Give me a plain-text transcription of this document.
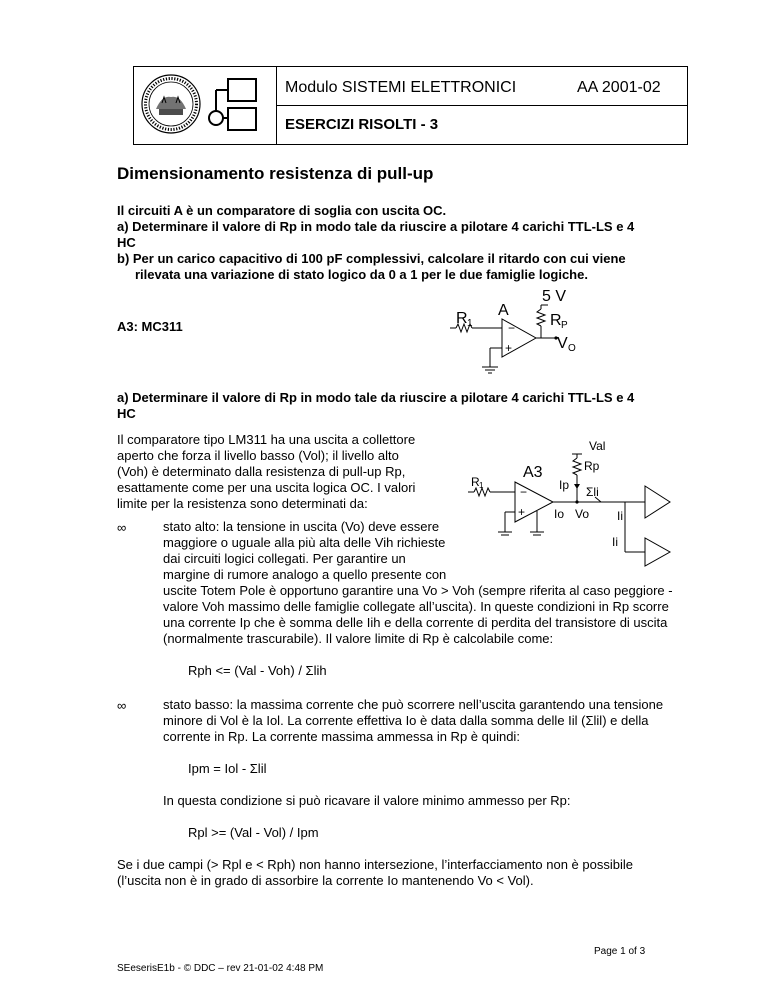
Modulo SISTEMI ELETTRONICI	AA 2001-02
ESERCIZI RISOLTI - 3
Dimensionamento resistenza di pull-up
Il circuiti A è un comparatore di soglia con uscita OC.
a) Determinare il valore di Rp in modo tale da riuscire a pilotare 4 carichi TTL-LS e 4
HC
b) Per un carico capacitivo di 100 pF complessivi, calcolare il ritardo con cui viene
rilevata una variazione di stato logico da 0 a 1 per le due famiglie logiche.
A3: MC311	−
+
5 V
R 1
A
R P
V O
a) Determinare il valore di Rp in modo tale da riuscire a pilotare 4 carichi TTL-LS e 4
HC
Il comparatore tipo LM311 ha una uscita a collettore
aperto che forza il livello basso (Vol); il livello alto
(Voh) è determinato dalla resistenza di pull-up Rp,
esattamente come per una uscita logica OC. I valori
limite per la resistenza sono determinati da:
−
+
Val
Rp
R 1
A3
Ip Σli
Io Vo Ii
Ii
∞	stato alto: la tensione in uscita (Vo) deve essere
maggiore o uguale alla più alta delle Vih richieste
dai circuiti logici collegati. Per garantire un
margine di rumore analogo a quello presente con
uscite Totem Pole è opportuno garantire una Vo > Voh (sempre riferita al caso peggiore -
valore Voh massimo delle famiglie collegate all’uscita). In queste condizioni in Rp scorre
una corrente Ip che è somma delle Iih e della corrente di perdita del transistore di uscita
(normalmente trascurabile). Il valore limite di Rp è calcolabile come:
Rph <= (Val - Voh) / Σlih
∞	stato basso: la massima corrente che può scorrere nell’uscita garantendo una tensione
minore di Vol è la Iol. La corrente effettiva Io è data dalla somma delle Iil (Σlil) e della
corrente in Rp. La corrente massima ammessa in Rp è quindi:
Ipm = Iol - Σlil
In questa condizione si può ricavare il valore minimo ammesso per Rp:
Rpl >= (Val - Vol) / Ipm
Se i due campi (> Rpl e < Rph) non hanno intersezione, l’interfacciamento non è possibile
(l’uscita non è in grado di assorbire la corrente Io mantenendo Vo < Vol).
Page 1 of 3
SEeserisE1b - © DDC – rev 21-01-02 4:48 PM
